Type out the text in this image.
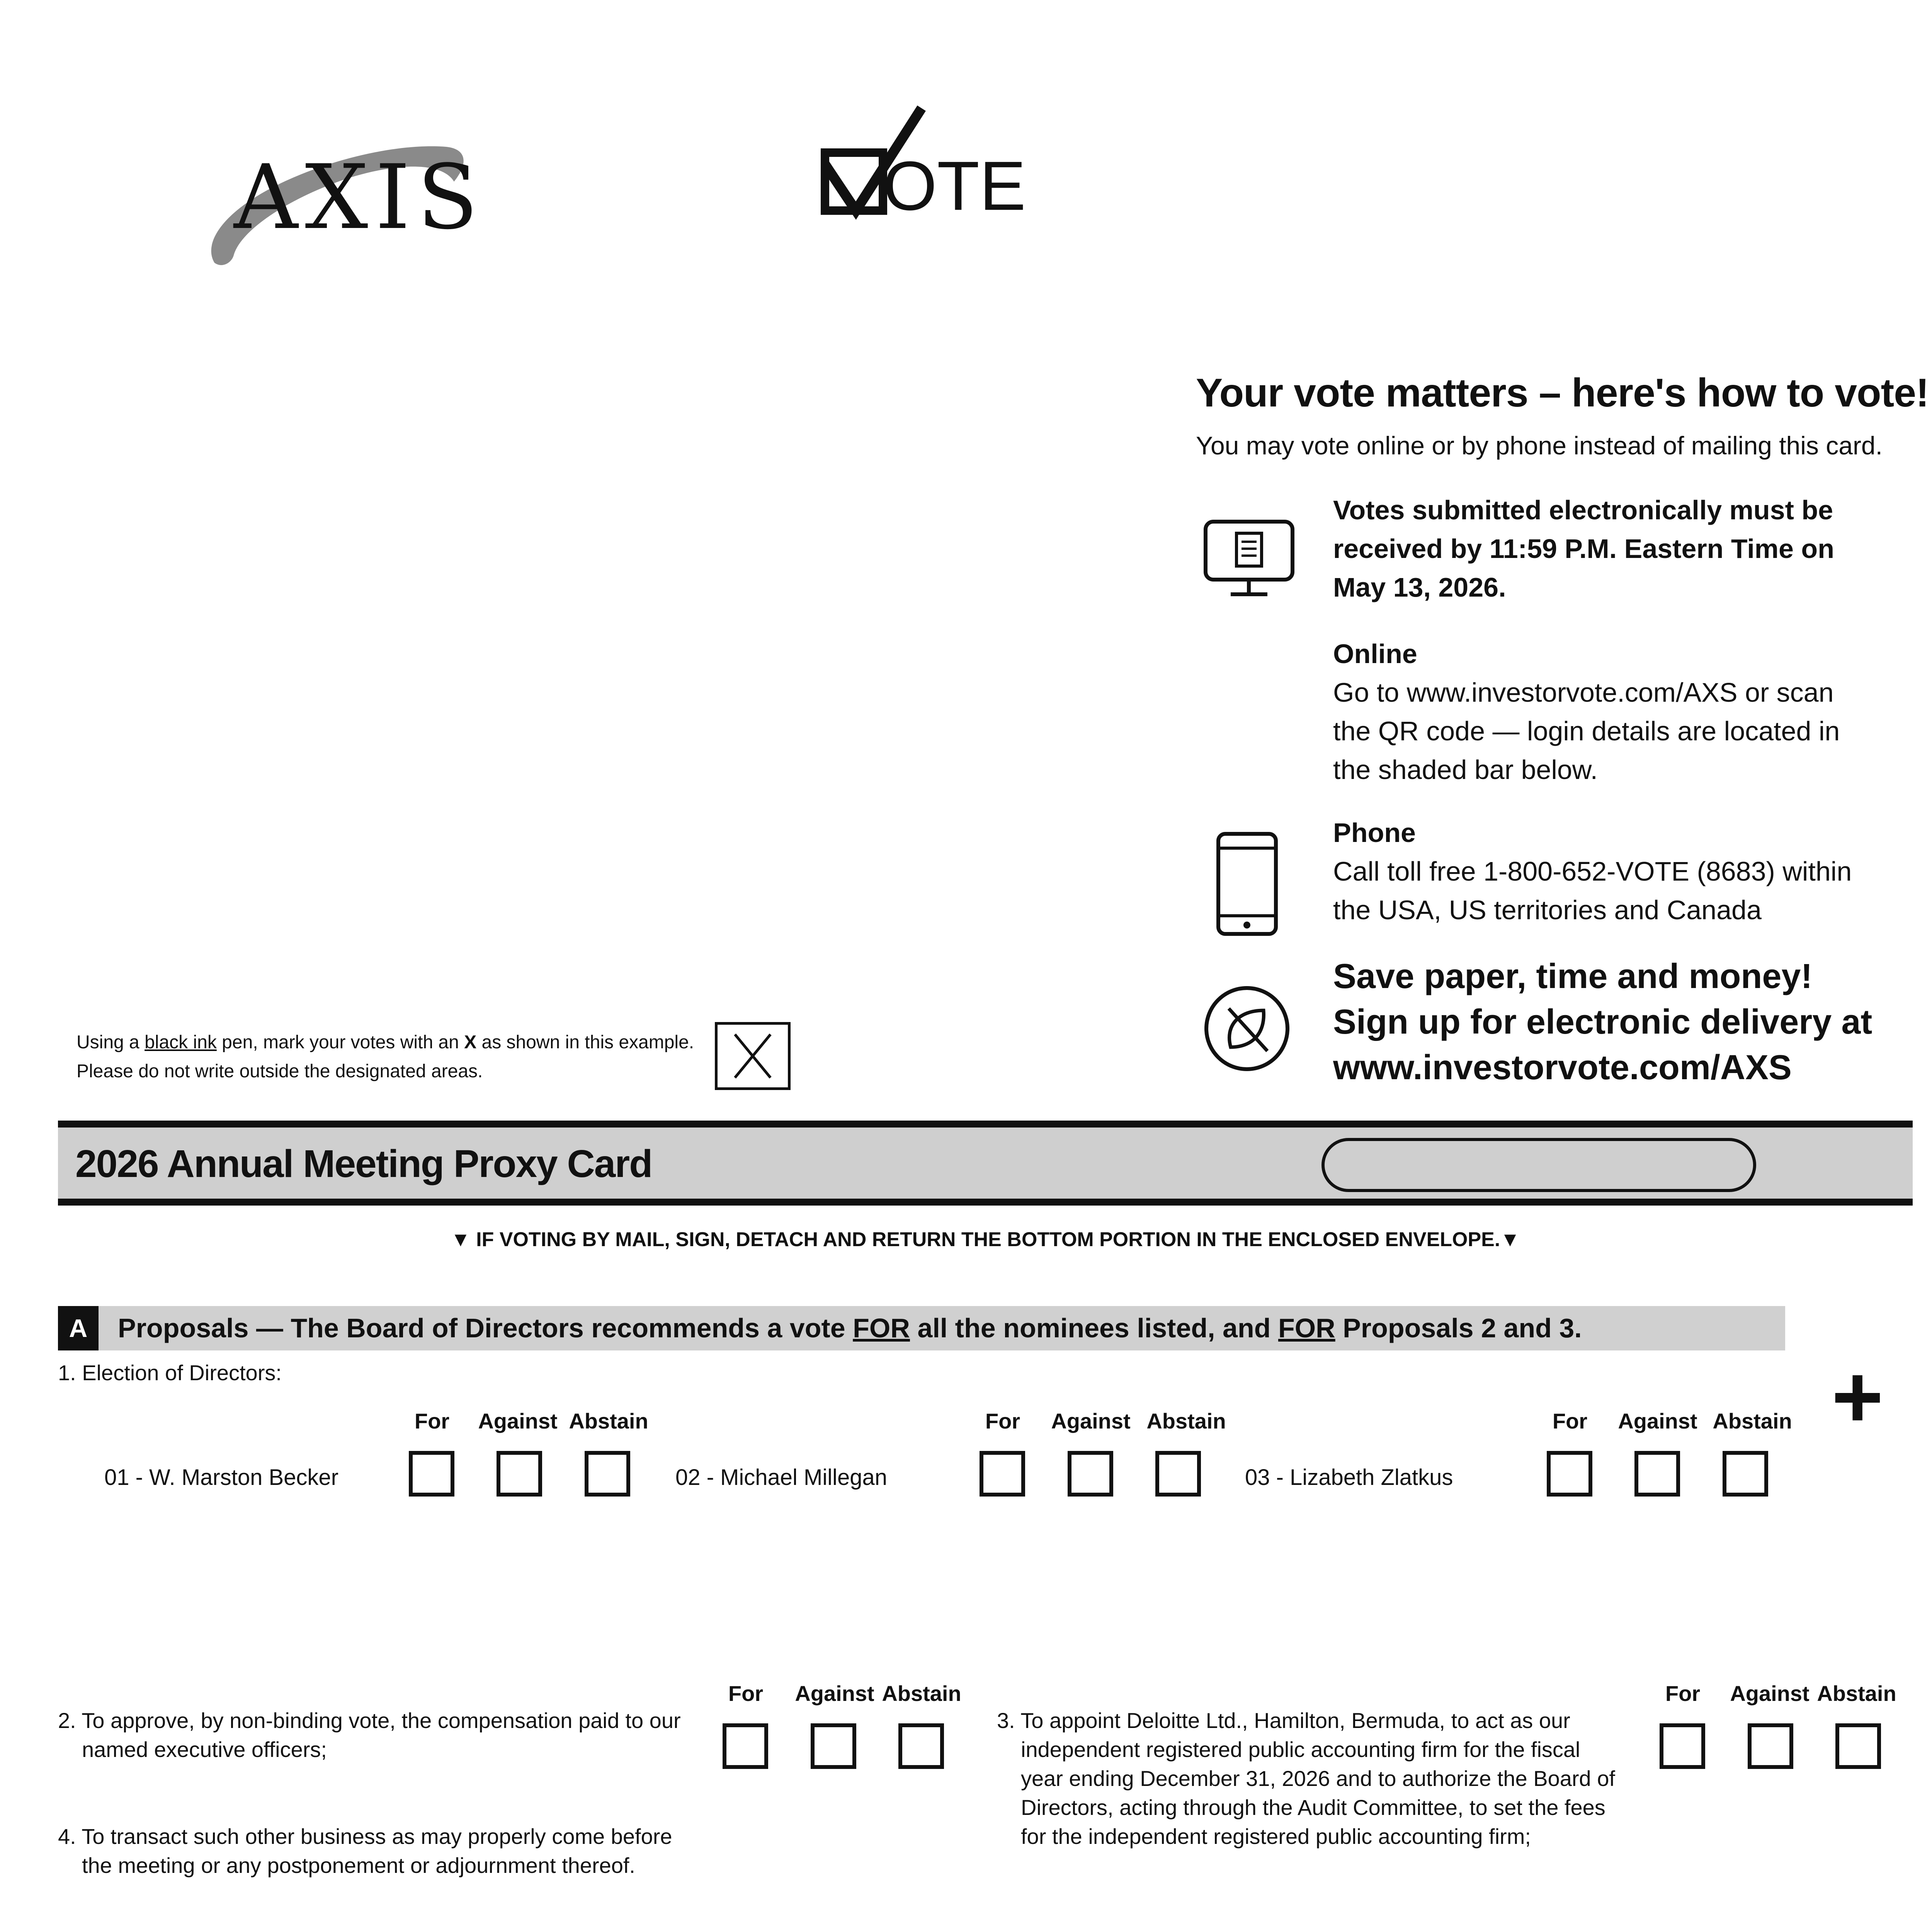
AXIS	OTE
Your vote matters – here's how to vote!
You may vote online or by phone instead of mailing this card.
Votes submitted electronically must be
received by 11:59 P.M. Eastern Time on
May 13, 2026.
Online
Go to www.investorvote.com/AXS or scan
the QR code — login details are located in
the shaded bar below.
Phone
Call toll free 1-800-652-VOTE (8683) within
the USA, US territories and Canada
Save paper, time and money!
Sign up for electronic delivery at
www.investorvote.com/AXS
Using a black ink pen, mark your votes with an X as shown in this example.
Please do not write outside the designated areas.
2026 Annual Meeting Proxy Card
▼ IF VOTING BY MAIL, SIGN, DETACH AND RETURN THE BOTTOM PORTION IN THE ENCLOSED ENVELOPE.▼
A	Proposals — The Board of Directors recommends a vote FOR all the nominees listed, and FOR Proposals 2 and 3.
1. Election of Directors:	+
For	Against Abstain
01 - W. Marston Becker
For	Against Abstain
02 - Michael Millegan
For	Against Abstain
03 - Lizabeth Zlatkus
2. To approve, by non-binding vote, the compensation paid to our
named executive officers;
For	Against Abstain
3. To appoint Deloitte Ltd., Hamilton, Bermuda, to act as our
independent registered public accounting firm for the fiscal
year ending December 31, 2026 and to authorize the Board of
Directors, acting through the Audit Committee, to set the fees
for the independent registered public accounting firm;
For	Against Abstain
4. To transact such other business as may properly come before
the meeting or any postponement or adjournment thereof.
